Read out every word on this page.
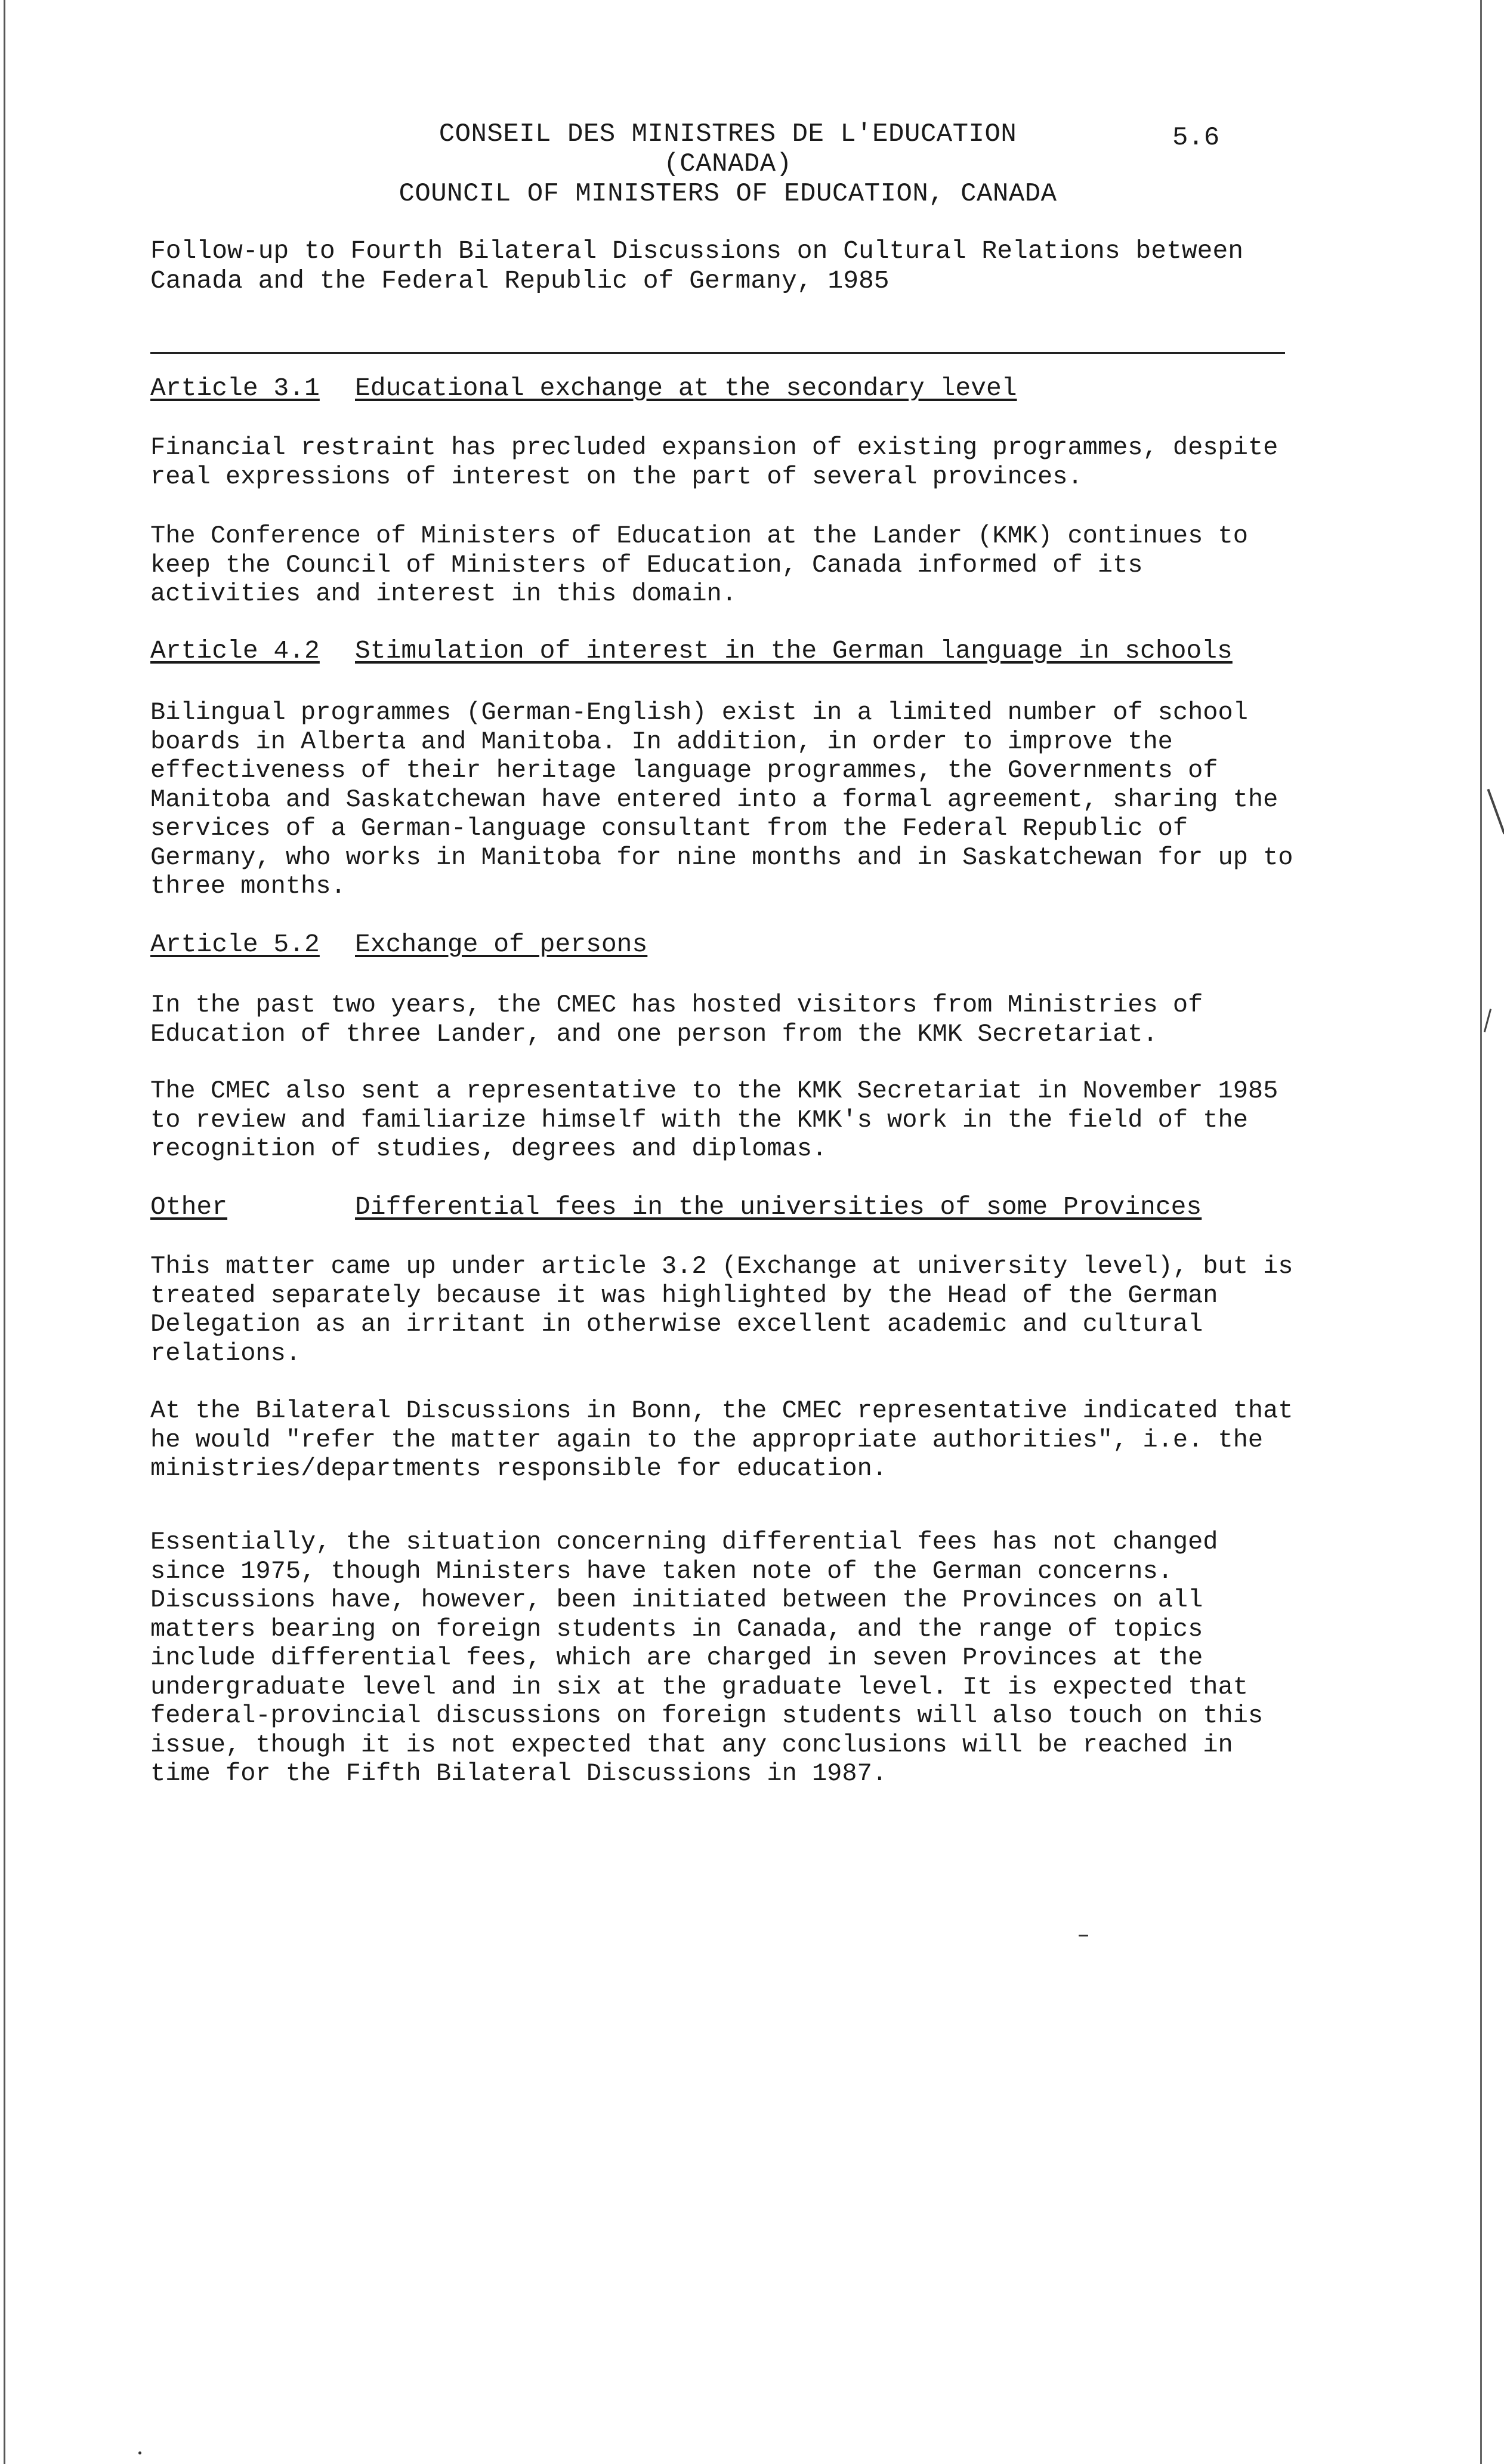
CONSEIL DES MINISTRES DE L'EDUCATION (CANADA)
COUNCIL OF MINISTERS OF EDUCATION, CANADA
5.6
Follow-up to Fourth Bilateral Discussions on Cultural Relations between
Canada and the Federal Republic of Germany, 1985
Article 3.1 Educational exchange at the secondary level
Financial restraint has precluded expansion of existing programmes, despite
real expressions of interest on the part of several provinces.
The Conference of Ministers of Education at the Lander (KMK) continues to
keep the Council of Ministers of Education, Canada informed of its
activities and interest in this domain.
Article 4.2 Stimulation of interest in the German language in schools
Bilingual programmes (German-English) exist in a limited number of school
boards in Alberta and Manitoba. In addition, in order to improve the
effectiveness of their heritage language programmes, the Governments of
Manitoba and Saskatchewan have entered into a formal agreement, sharing the
services of a German-language consultant from the Federal Republic of
Germany, who works in Manitoba for nine months and in Saskatchewan for up to
three months.
Article 5.2 Exchange of persons
In the past two years, the CMEC has hosted visitors from Ministries of
Education of three Lander, and one person from the KMK Secretariat.
The CMEC also sent a representative to the KMK Secretariat in November 1985
to review and familiarize himself with the KMK's work in the field of the
recognition of studies, degrees and diplomas.
Other	Differential fees in the universities of some Provinces
This matter came up under article 3.2 (Exchange at university level), but is
treated separately because it was highlighted by the Head of the German
Delegation as an irritant in otherwise excellent academic and cultural
relations.
At the Bilateral Discussions in Bonn, the CMEC representative indicated that
he would "refer the matter again to the appropriate authorities", i.e. the
ministries/departments responsible for education.
Essentially, the situation concerning differential fees has not changed
since 1975, though Ministers have taken note of the German concerns.
Discussions have, however, been initiated between the Provinces on all
matters bearing on foreign students in Canada, and the range of topics
include differential fees, which are charged in seven Provinces at the
undergraduate level and in six at the graduate level. It is expected that
federal-provincial discussions on foreign students will also touch on this
issue, though it is not expected that any conclusions will be reached in
time for the Fifth Bilateral Discussions in 1987.
